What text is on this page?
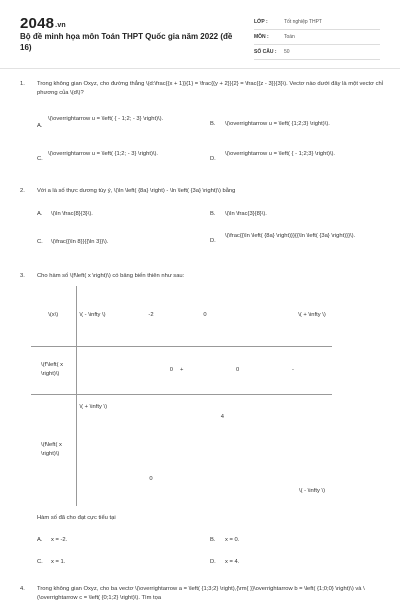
2048.vn
Bộ đề minh họa môn Toán THPT Quốc gia năm 2022 (đề 16)
LỚP :	Tốt nghiệp THPT
MÔN :	Toán
SỐ CÂU :	50
1. Trong không gian Oxyz, cho đường thẳng \(d:\frac{{x + 1}}{1} = \frac{{y + 2}}{2} = \frac{{z - 3}}{3}\). Vectơ nào dưới đây là một vectơ chỉ phương của \(d\)?
A.
\(\overrightarrow u = \left( { - 1;2; - 3} \right)\).
B. \(\overrightarrow u = \left( {1;2;3} \right)\).
C.
\(\overrightarrow u = \left( {1;2; - 3} \right)\).
D.
\(\overrightarrow u = \left( { - 1;2;3} \right)\).
2. Với a là số thực dương tùy ý, \(\ln \left( {8a} \right) - \ln \left( {3a} \right)\) bằng
A. \(\ln \frac{8}{3}\).	B. \(\ln \frac{3}{8}\).
C. \(\frac{{\ln 8}}{{\ln 3}}\).	D.
\(\frac{{\ln \left( {8a} \right)}}{{\ln \left( {3a} \right)}}\).
3. Cho hàm số \(f\left( x \right)\) có bảng biến thiên như sau:
\(x\)	\( - \infty \)	-2	0		\( + \infty \)
\(f'\left( x \right)\)		0	+	0	-
\(f\left( x \right)\)	\( + \infty \)	0	4		\( - \infty \)
Hàm số đã cho đạt cực tiểu tại
A. x = -2.	B. x = 0.
C. x = 1.	D. x = 4.
4. Trong không gian Oxyz, cho ba vectơ \(\overrightarrow a = \left( {1;3;2} \right),{\rm{ }}\overrightarrow b = \left( {1;0;0} \right)\) và \(\overrightarrow c = \left( {0;1;2} \right)\). Tìm tọa
